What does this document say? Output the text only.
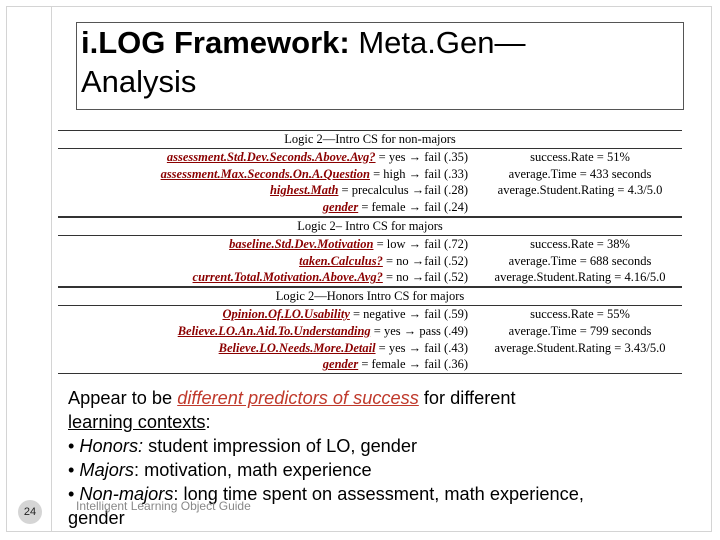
i.LOG Framework: Meta.Gen—
Analysis
Logic 2—Intro CS for non-majors
assessment.Std.Dev.Seconds.Above.Avg? = yes → fail (.35)	success.Rate = 51%
assessment.Max.Seconds.On.A.Question = high → fail (.33)	average.Time = 433 seconds
highest.Math = precalculus →fail (.28)	average.Student.Rating = 4.3/5.0
gender = female → fail (.24)
Logic 2– Intro CS for majors
baseline.Std.Dev.Motivation = low → fail (.72)	success.Rate = 38%
taken.Calculus? = no →fail (.52)	average.Time = 688 seconds
current.Total.Motivation.Above.Avg? = no →fail (.52)	average.Student.Rating = 4.16/5.0
Logic 2—Honors Intro CS for majors
Opinion.Of.LO.Usability = negative → fail (.59)	success.Rate = 55%
Believe.LO.An.Aid.To.Understanding = yes → pass (.49)	average.Time = 799 seconds
Believe.LO.Needs.More.Detail = yes → fail (.43)	average.Student.Rating = 3.43/5.0
gender = female → fail (.36)
Appear to be different predictors of success for different
learning contexts:
• Honors: student impression of LO, gender
• Majors: motivation, math experience
• Non-majors: long time spent on assessment, math experience,
gender
Intelligent Learning Object Guide
24
